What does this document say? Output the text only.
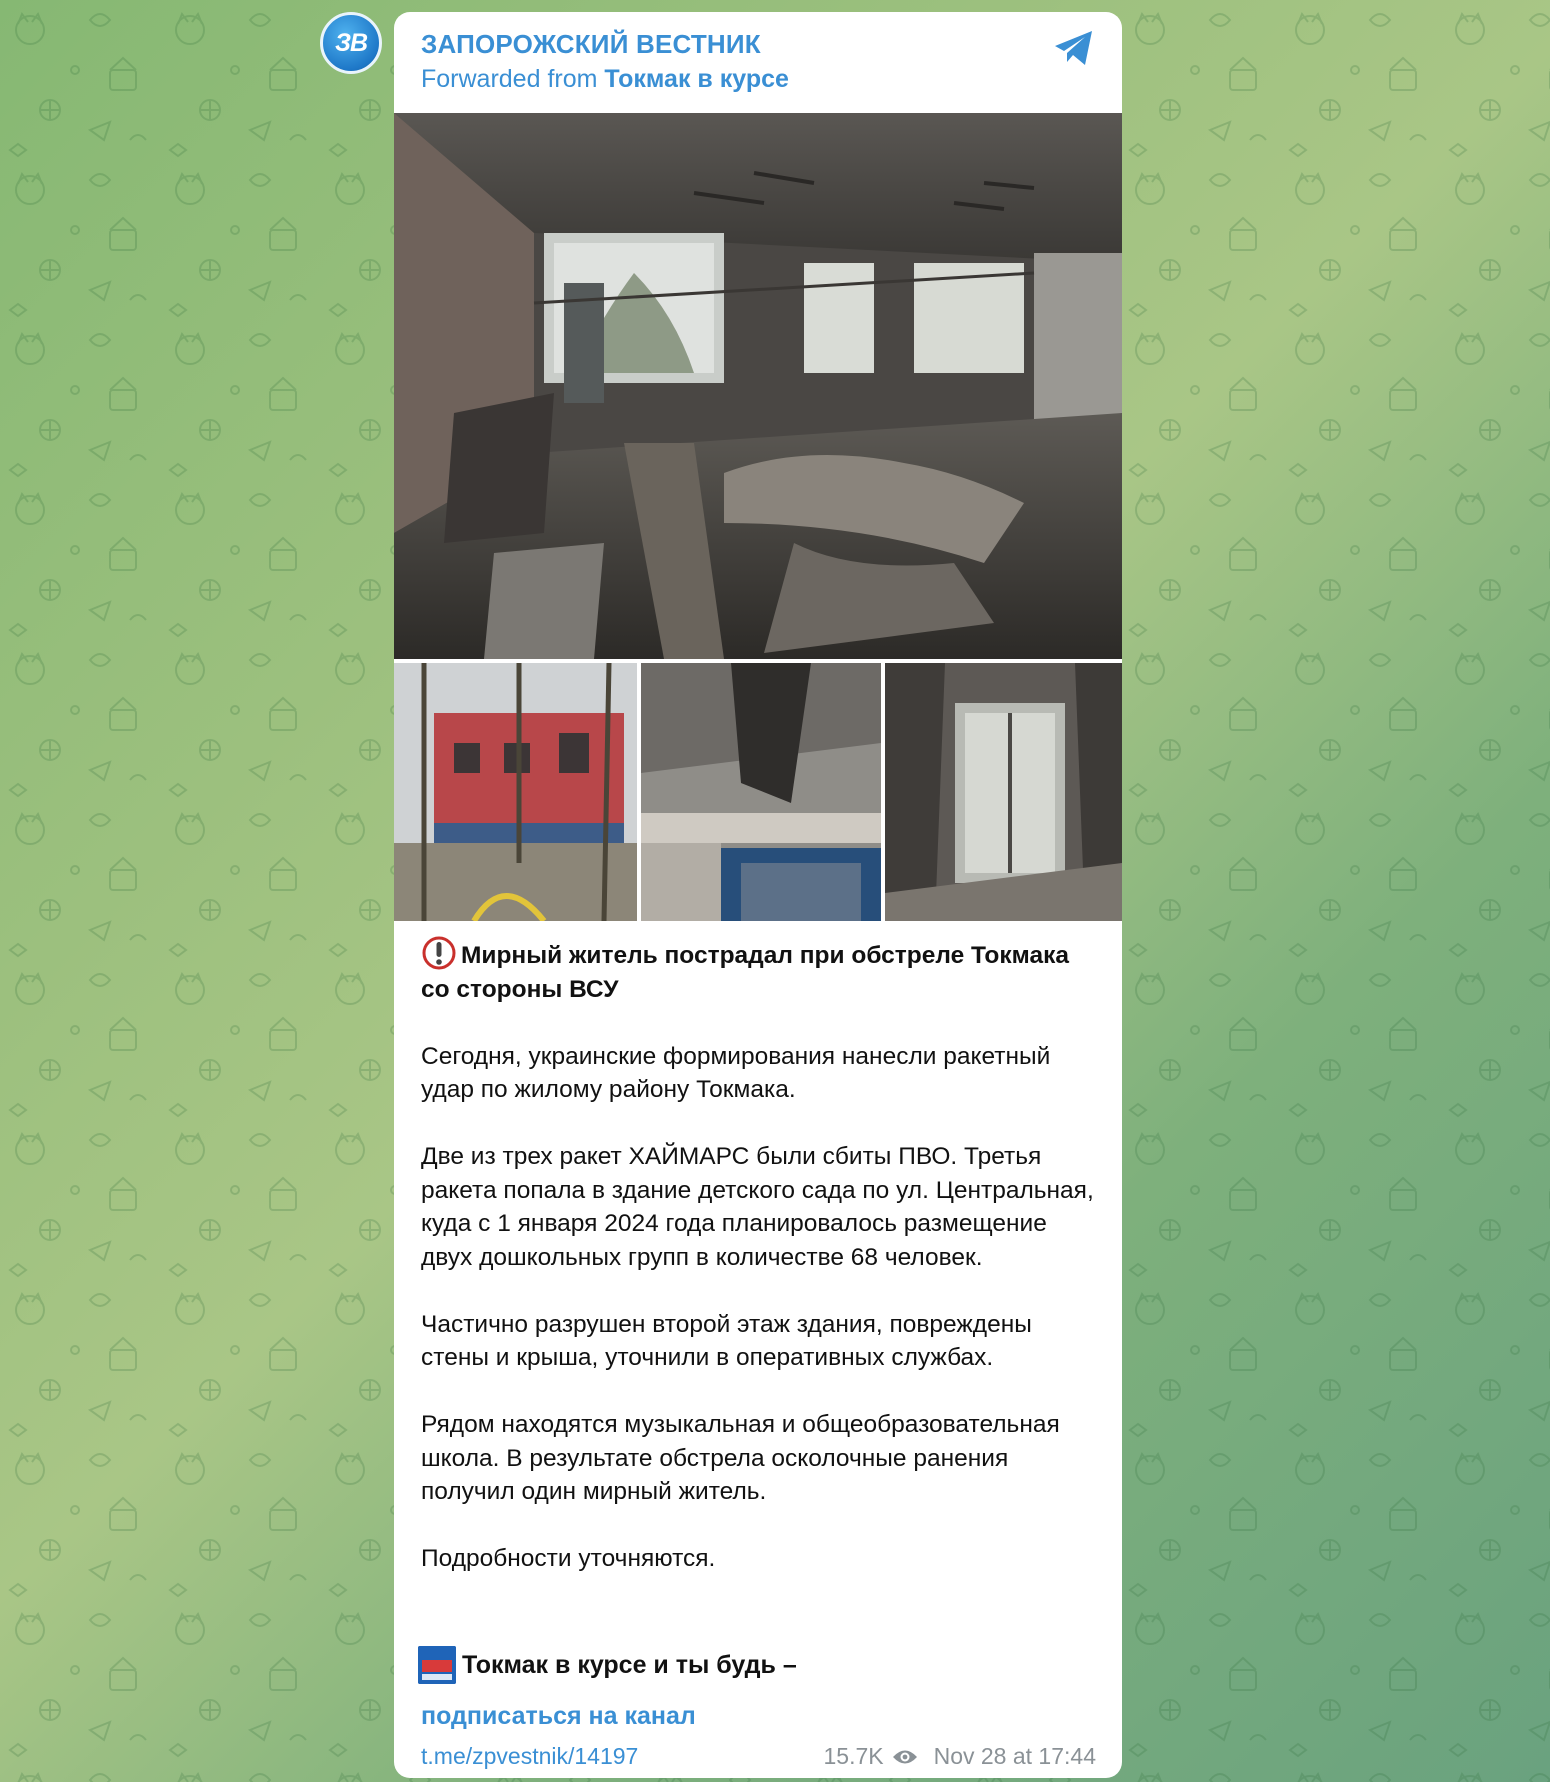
ЗВ ЗАПОРОЖСКИЙ ВЕСТНИК
Forwarded from Токмак в курсе

Мирный житель пострадал при обстреле Токмака со стороны ВСУ

Сегодня, украинские формирования нанесли ракетный удар по жилому району Токмака.

Две из трех ракет ХАЙМАРС были сбиты ПВО. Третья ракета попала в здание детского сада по ул. Центральная, куда с 1 января 2024 года планировалось размещение двух дошкольных групп в количестве 68 человек.

Частично разрушен второй этаж здания, повреждены стены и крыша, уточнили в оперативных службах.

Рядом находятся музыкальная и общеобразовательная школа. В результате обстрела осколочные ранения получил один мирный житель.

Подробности уточняются.

Токмак в курсе и ты будь –
подписаться на канал
t.me/zpvestnik/14197	15.7K Nov 28 at 17:44
